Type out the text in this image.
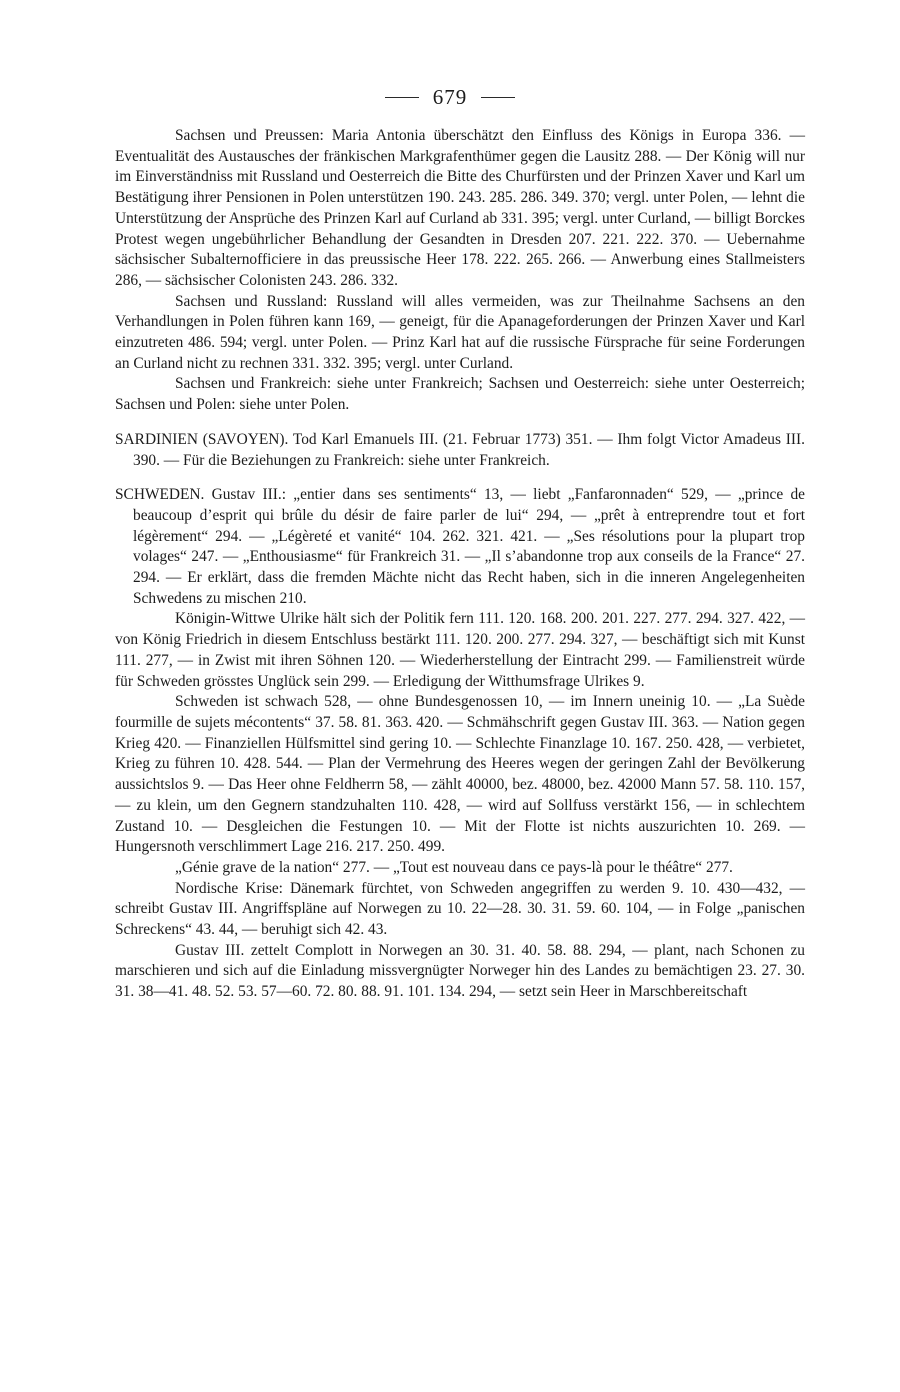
679

Sachsen und Preussen: Maria Antonia überschätzt den Einfluss des Königs in Europa 336. — Eventualität des Austausches der fränkischen Markgrafenthümer gegen die Lausitz 288. — Der König will nur im Einverständniss mit Russland und Oesterreich die Bitte des Churfürsten und der Prinzen Xaver und Karl um Bestätigung ihrer Pensionen in Polen unterstützen 190. 243. 285. 286. 349. 370; vergl. unter Polen, — lehnt die Unterstützung der Ansprüche des Prinzen Karl auf Curland ab 331. 395; vergl. unter Curland, — billigt Borckes Protest wegen ungebührlicher Behandlung der Gesandten in Dresden 207. 221. 222. 370. — Uebernahme sächsischer Subalternofficiere in das preussische Heer 178. 222. 265. 266. — Anwerbung eines Stallmeisters 286, — sächsischer Colonisten 243. 286. 332.

Sachsen und Russland: Russland will alles vermeiden, was zur Theilnahme Sachsens an den Verhandlungen in Polen führen kann 169, — geneigt, für die Apanageforderungen der Prinzen Xaver und Karl einzutreten 486. 594; vergl. unter Polen. — Prinz Karl hat auf die russische Fürsprache für seine Forderungen an Curland nicht zu rechnen 331. 332. 395; vergl. unter Curland.

Sachsen und Frankreich: siehe unter Frankreich; Sachsen und Oesterreich: siehe unter Oesterreich; Sachsen und Polen: siehe unter Polen.

SARDINIEN (SAVOYEN). Tod Karl Emanuels III. (21. Februar 1773) 351. — Ihm folgt Victor Amadeus III. 390. — Für die Beziehungen zu Frankreich: siehe unter Frankreich.

SCHWEDEN. Gustav III.: „entier dans ses sentiments“ 13, — liebt „Fanfaronnaden“ 529, — „prince de beaucoup d’esprit qui brûle du désir de faire parler de lui“ 294, — „prêt à entreprendre tout et fort légèrement“ 294. — „Légèreté et vanité“ 104. 262. 321. 421. — „Ses résolutions pour la plupart trop volages“ 247. — „Enthousiasme“ für Frankreich 31. — „Il s’abandonne trop aux conseils de la France“ 27. 294. — Er erklärt, dass die fremden Mächte nicht das Recht haben, sich in die inneren Angelegenheiten Schwedens zu mischen 210.

Königin-Wittwe Ulrike hält sich der Politik fern 111. 120. 168. 200. 201. 227. 277. 294. 327. 422, — von König Friedrich in diesem Entschluss bestärkt 111. 120. 200. 277. 294. 327, — beschäftigt sich mit Kunst 111. 277, — in Zwist mit ihren Söhnen 120. — Wiederherstellung der Eintracht 299. — Familienstreit würde für Schweden grösstes Unglück sein 299. — Erledigung der Witthumsfrage Ulrikes 9.

Schweden ist schwach 528, — ohne Bundesgenossen 10, — im Innern uneinig 10. — „La Suède fourmille de sujets mécontents“ 37. 58. 81. 363. 420. — Schmähschrift gegen Gustav III. 363. — Nation gegen Krieg 420. — Finanziellen Hülfsmittel sind gering 10. — Schlechte Finanzlage 10. 167. 250. 428, — verbietet, Krieg zu führen 10. 428. 544. — Plan der Vermehrung des Heeres wegen der geringen Zahl der Bevölkerung aussichtslos 9. — Das Heer ohne Feldherrn 58, — zählt 40000, bez. 48000, bez. 42000 Mann 57. 58. 110. 157, — zu klein, um den Gegnern standzuhalten 110. 428, — wird auf Sollfuss verstärkt 156, — in schlechtem Zustand 10. — Desgleichen die Festungen 10. — Mit der Flotte ist nichts auszurichten 10. 269. — Hungersnoth verschlimmert Lage 216. 217. 250. 499.

„Génie grave de la nation“ 277. — „Tout est nouveau dans ce pays-là pour le théâtre“ 277.

Nordische Krise: Dänemark fürchtet, von Schweden angegriffen zu werden 9. 10. 430—432, — schreibt Gustav III. Angriffspläne auf Norwegen zu 10. 22—28. 30. 31. 59. 60. 104, — in Folge „panischen Schreckens“ 43. 44, — beruhigt sich 42. 43.

Gustav III. zettelt Complott in Norwegen an 30. 31. 40. 58. 88. 294, — plant, nach Schonen zu marschieren und sich auf die Einladung missvergnügter Norweger hin des Landes zu bemächtigen 23. 27. 30. 31. 38—41. 48. 52. 53. 57—60. 72. 80. 88. 91. 101. 134. 294, — setzt sein Heer in Marschbereitschaft
